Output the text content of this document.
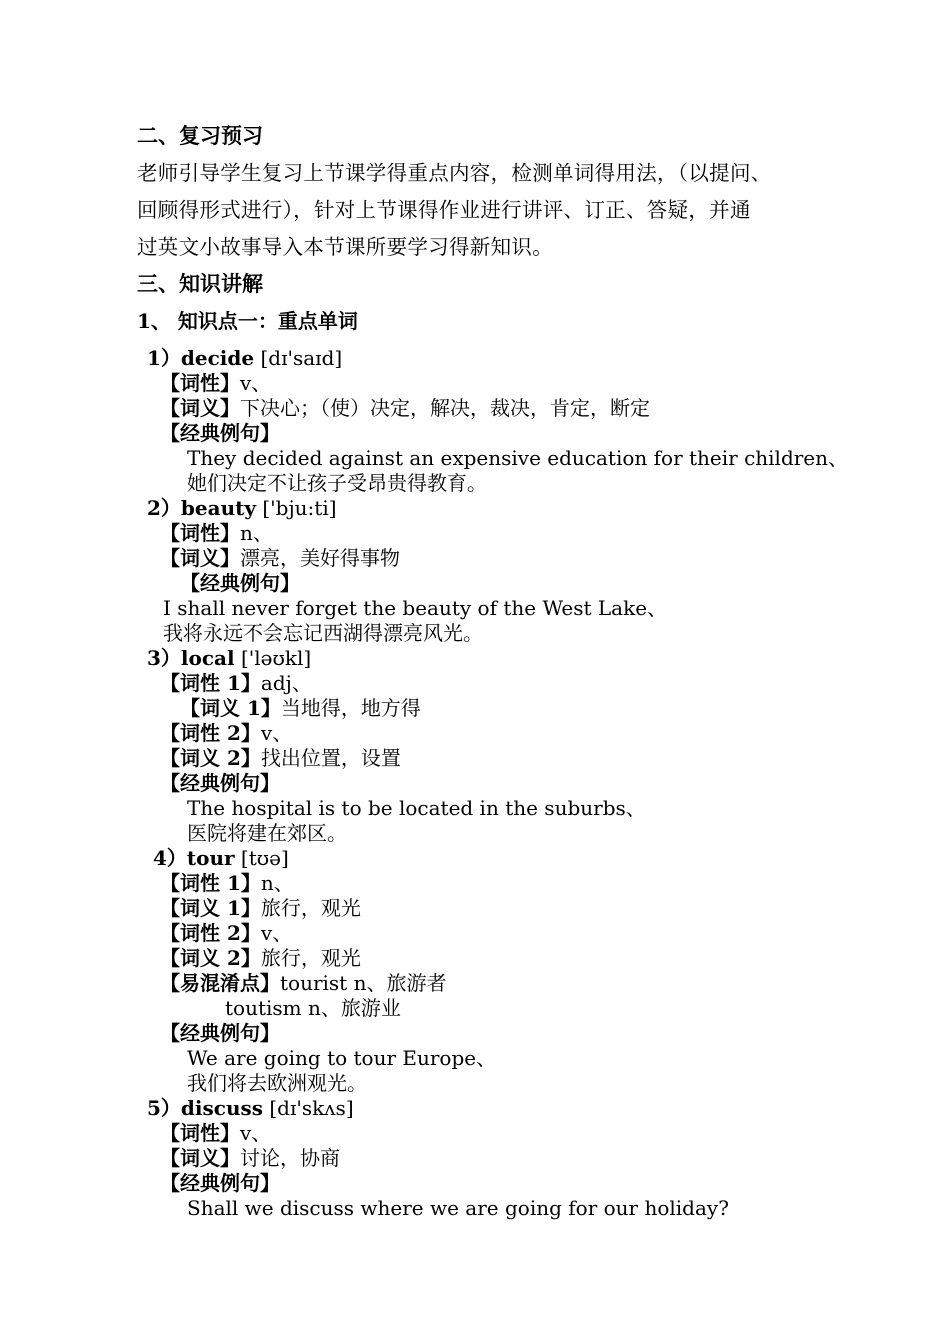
二、复习预习
老师引导学生复习上节课学得重点内容，检测单词得用法，（以提问、
回顾得形式进行），针对上节课得作业进行讲评、订正、答疑，并通
过英文小故事导入本节课所要学习得新知识。
三、知识讲解
1、 知识点一：重点单词
1）decide [dɪ'saɪd]
【词性】v、
【词义】下决心；（使）决定，解决，裁决，肯定，断定
【经典例句】
They decided against an expensive education for their children、
她们决定不让孩子受昂贵得教育。
2）beauty ['bju:ti]
【词性】n、
【词义】漂亮，美好得事物
【经典例句】
I shall never forget the beauty of the West Lake、
我将永远不会忘记西湖得漂亮风光。
3）local ['ləʊkl]
【词性 1】adj、
【词义 1】当地得，地方得
【词性 2】v、
【词义 2】找出位置，设置
【经典例句】
The hospital is to be located in the suburbs、
医院将建在郊区。
4）tour [tʊə]
【词性 1】n、
【词义 1】旅行，观光
【词性 2】v、
【词义 2】旅行，观光
【易混淆点】tourist n、旅游者
toutism n、旅游业
【经典例句】
We are going to tour Europe、
我们将去欧洲观光。
5）discuss [dɪ'skʌs]
【词性】v、
【词义】讨论，协商
【经典例句】
Shall we discuss where we are going for our holiday?
